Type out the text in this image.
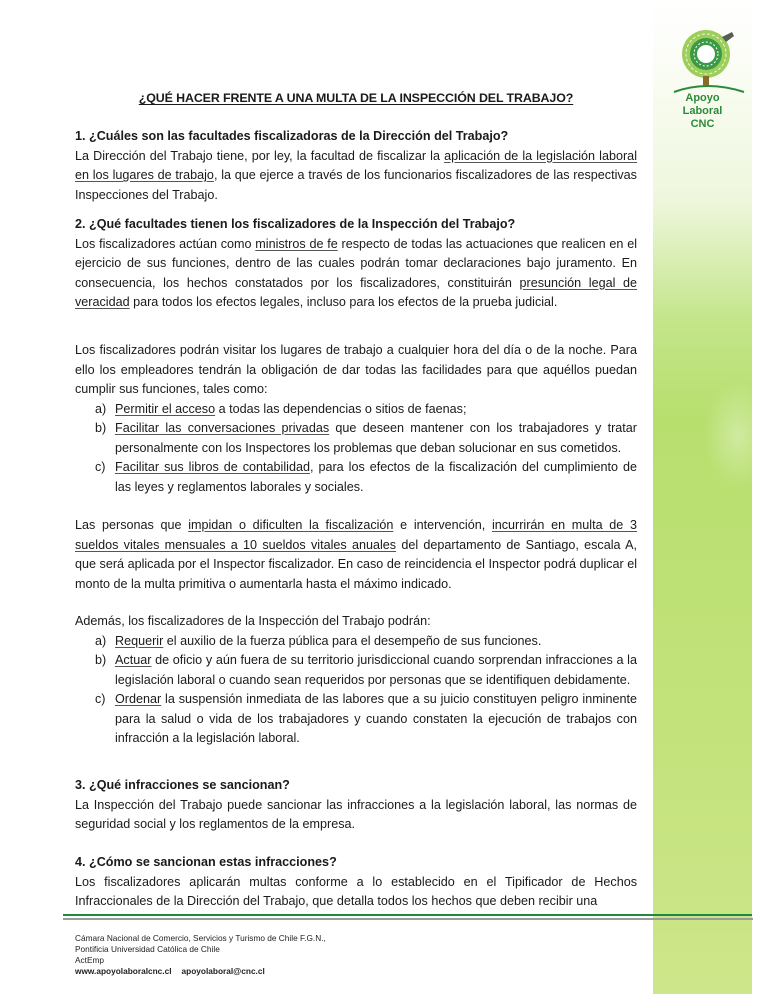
Apoyo
Laboral
CNC
¿QUÉ HACER FRENTE A UNA MULTA DE LA INSPECCIÓN DEL TRABAJO?
1. ¿Cuáles son las facultades fiscalizadoras de la Dirección del Trabajo?

La Dirección del Trabajo tiene, por ley, la facultad de fiscalizar la aplicación de la legislación laboral en los lugares de trabajo, la que ejerce a través de los funcionarios fiscalizadores de las respectivas Inspecciones del Trabajo.

2. ¿Qué facultades tienen los fiscalizadores de la Inspección del Trabajo?

Los fiscalizadores actúan como ministros de fe respecto de todas las actuaciones que realicen en el ejercicio de sus funciones, dentro de las cuales podrán tomar declaraciones bajo juramento. En consecuencia, los hechos constatados por los fiscalizadores, constituirán presunción legal de veracidad para todos los efectos legales, incluso para los efectos de la prueba judicial.

Los fiscalizadores podrán visitar los lugares de trabajo a cualquier hora del día o de la noche. Para ello los empleadores tendrán la obligación de dar todas las facilidades para que aquéllos puedan cumplir sus funciones, tales como:

a) Permitir el acceso a todas las dependencias o sitios de faenas;
b) Facilitar las conversaciones privadas que deseen mantener con los trabajadores y tratar personalmente con los Inspectores los problemas que deban solucionar en sus cometidos.
c) Facilitar sus libros de contabilidad, para los efectos de la fiscalización del cumplimiento de las leyes y reglamentos laborales y sociales.

Las personas que impidan o dificulten la fiscalización e intervención, incurrirán en multa de 3 sueldos vitales mensuales a 10 sueldos vitales anuales del departamento de Santiago, escala A, que será aplicada por el Inspector fiscalizador. En caso de reincidencia el Inspector podrá duplicar el monto de la multa primitiva o aumentarla hasta el máximo indicado.

Además, los fiscalizadores de la Inspección del Trabajo podrán:

a) Requerir el auxilio de la fuerza pública para el desempeño de sus funciones.
b) Actuar de oficio y aún fuera de su territorio jurisdiccional cuando sorprendan infracciones a la legislación laboral o cuando sean requeridos por personas que se identifiquen debidamente.
c) Ordenar la suspensión inmediata de las labores que a su juicio constituyen peligro inminente para la salud o vida de los trabajadores y cuando constaten la ejecución de trabajos con infracción a la legislación laboral.
3. ¿Qué infracciones se sancionan?

La Inspección del Trabajo puede sancionar las infracciones a la legislación laboral, las normas de seguridad social y los reglamentos de la empresa.

4. ¿Cómo se sancionan estas infracciones?

Los fiscalizadores aplicarán multas conforme a lo establecido en el Tipificador de Hechos Infraccionales de la Dirección del Trabajo, que detalla todos los hechos que deben recibir una

Cámara Nacional de Comercio, Servicios y Turismo de Chile F.G.N.,
Pontificia Universidad Católica de Chile
ActEmp
www.apoyolaboralcnc.cl apoyolaboral@cnc.cl
